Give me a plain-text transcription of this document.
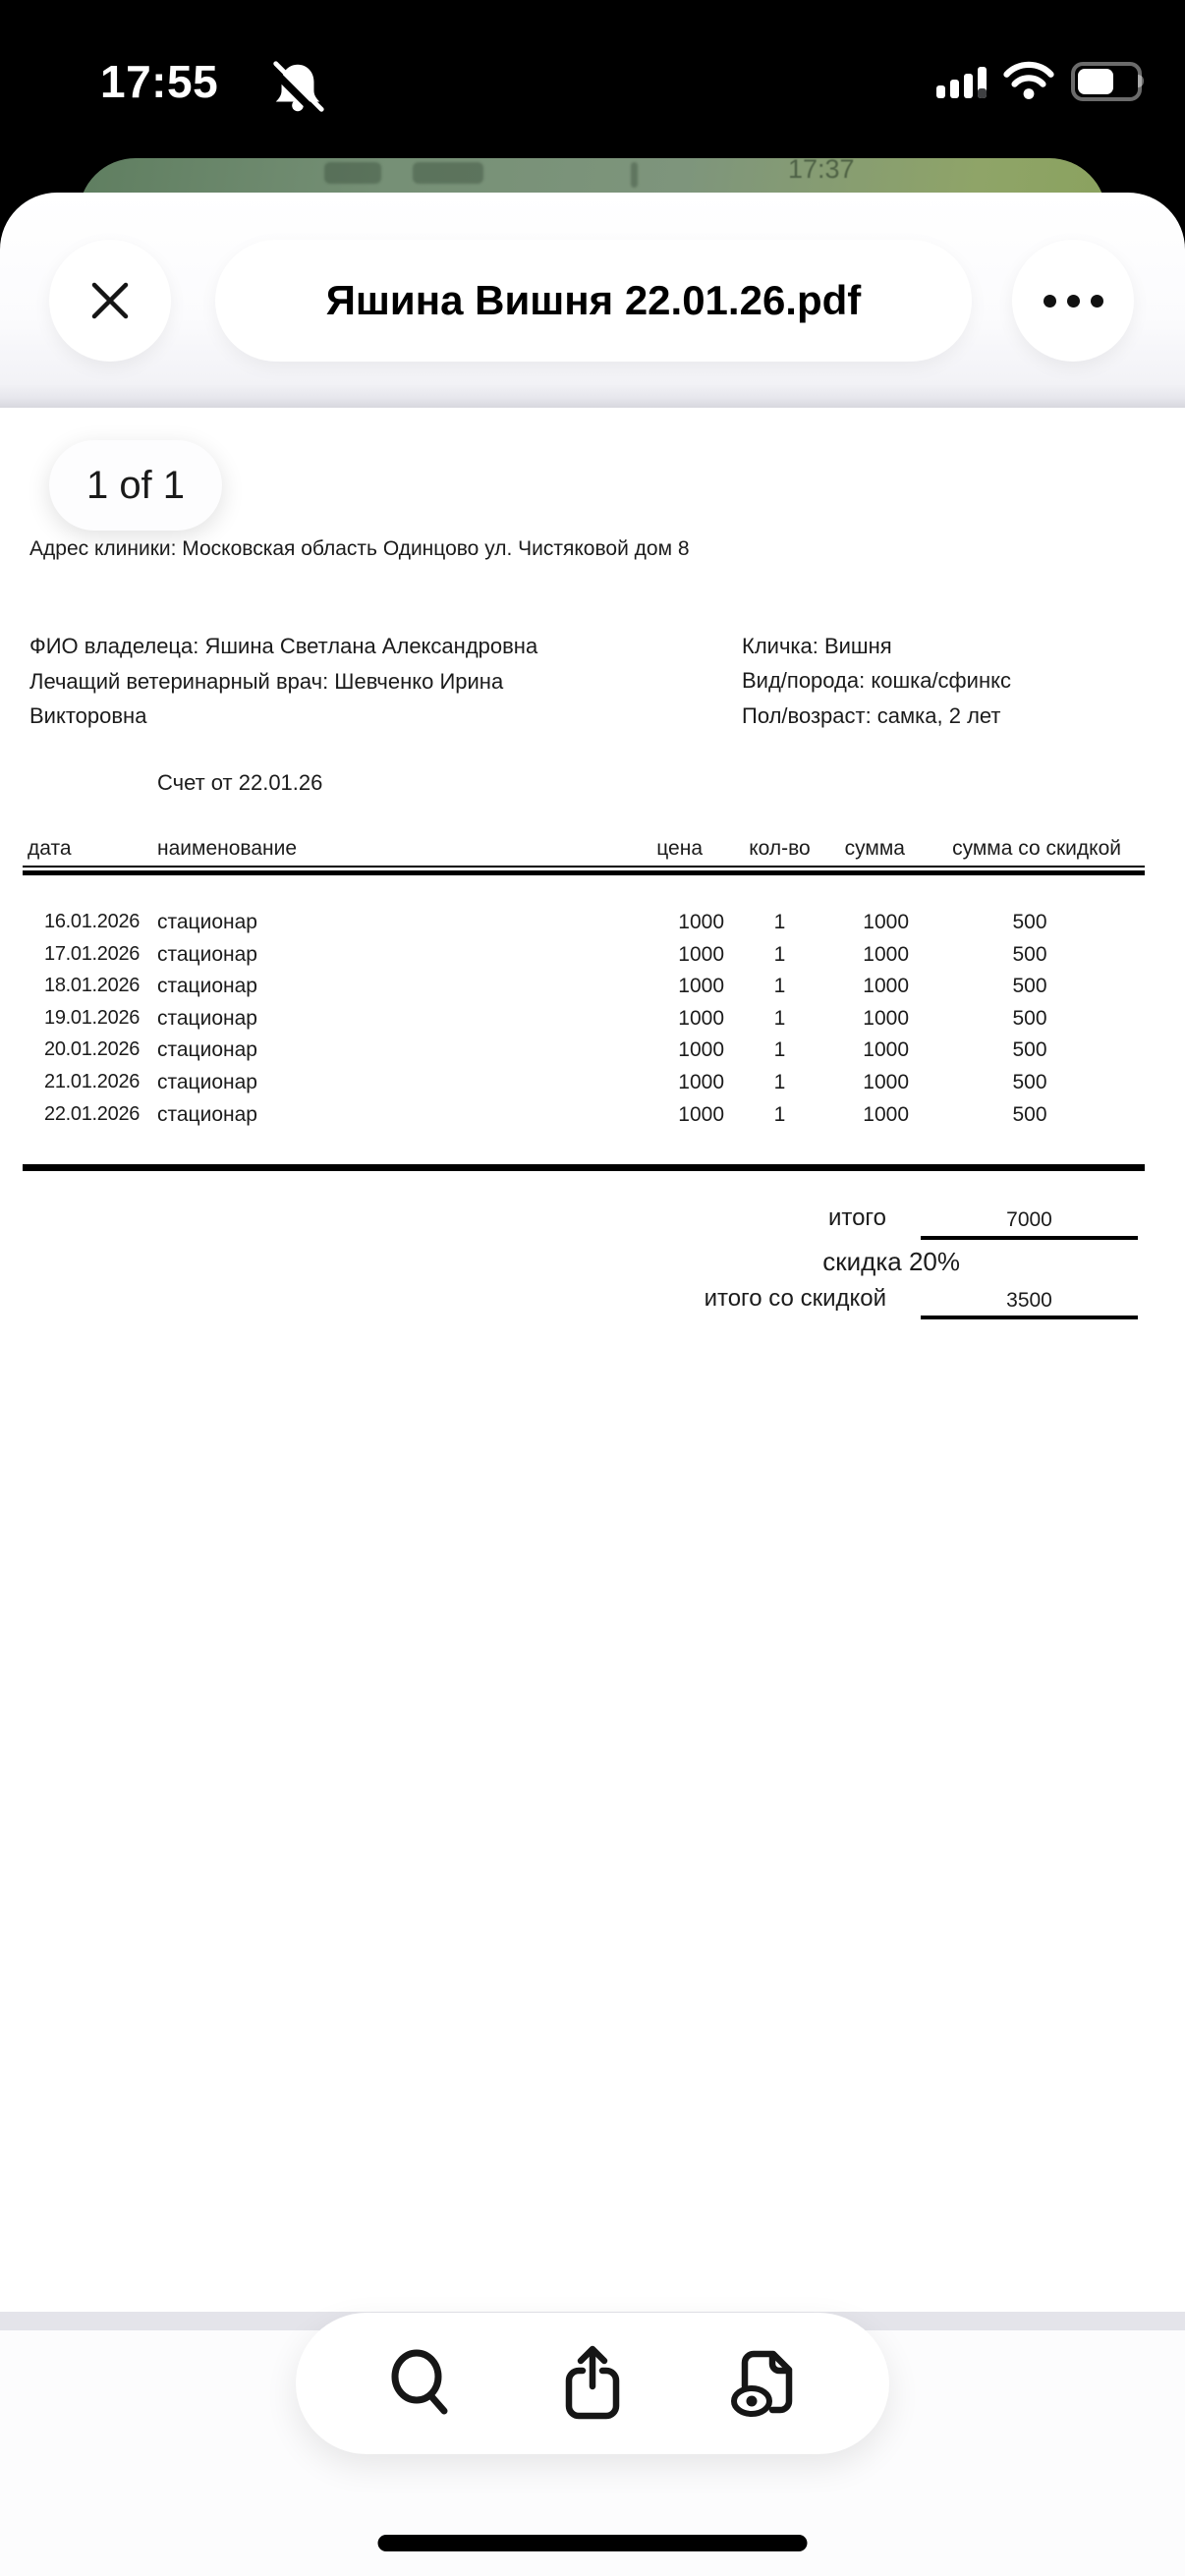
17:55
17:37
Яшина Вишня 22.01.26.pdf
1 of 1
Адрес клиники: Московская область Одинцово ул. Чистяковой дом 8
ФИО владелеца: Яшина Светлана Александровна
Лечащий ветеринарный врач: Шевченко Ирина
Викторовна
Кличка: Вишня
Вид/порода: кошка/сфинкс
Пол/возраст: самка, 2 лет
Счет от 22.01.26
дата	наименование	цена	кол-во	сумма	сумма со скидкой
16.01.2026 стационар	1000	1	1000	500
17.01.2026 стационар	1000	1	1000	500
18.01.2026 стационар	1000	1	1000	500
19.01.2026 стационар	1000	1	1000	500
20.01.2026 стационар	1000	1	1000	500
21.01.2026 стационар	1000	1	1000	500
22.01.2026 стационар	1000	1	1000	500
итого	7000
скидка 20%
итого со скидкой	3500
